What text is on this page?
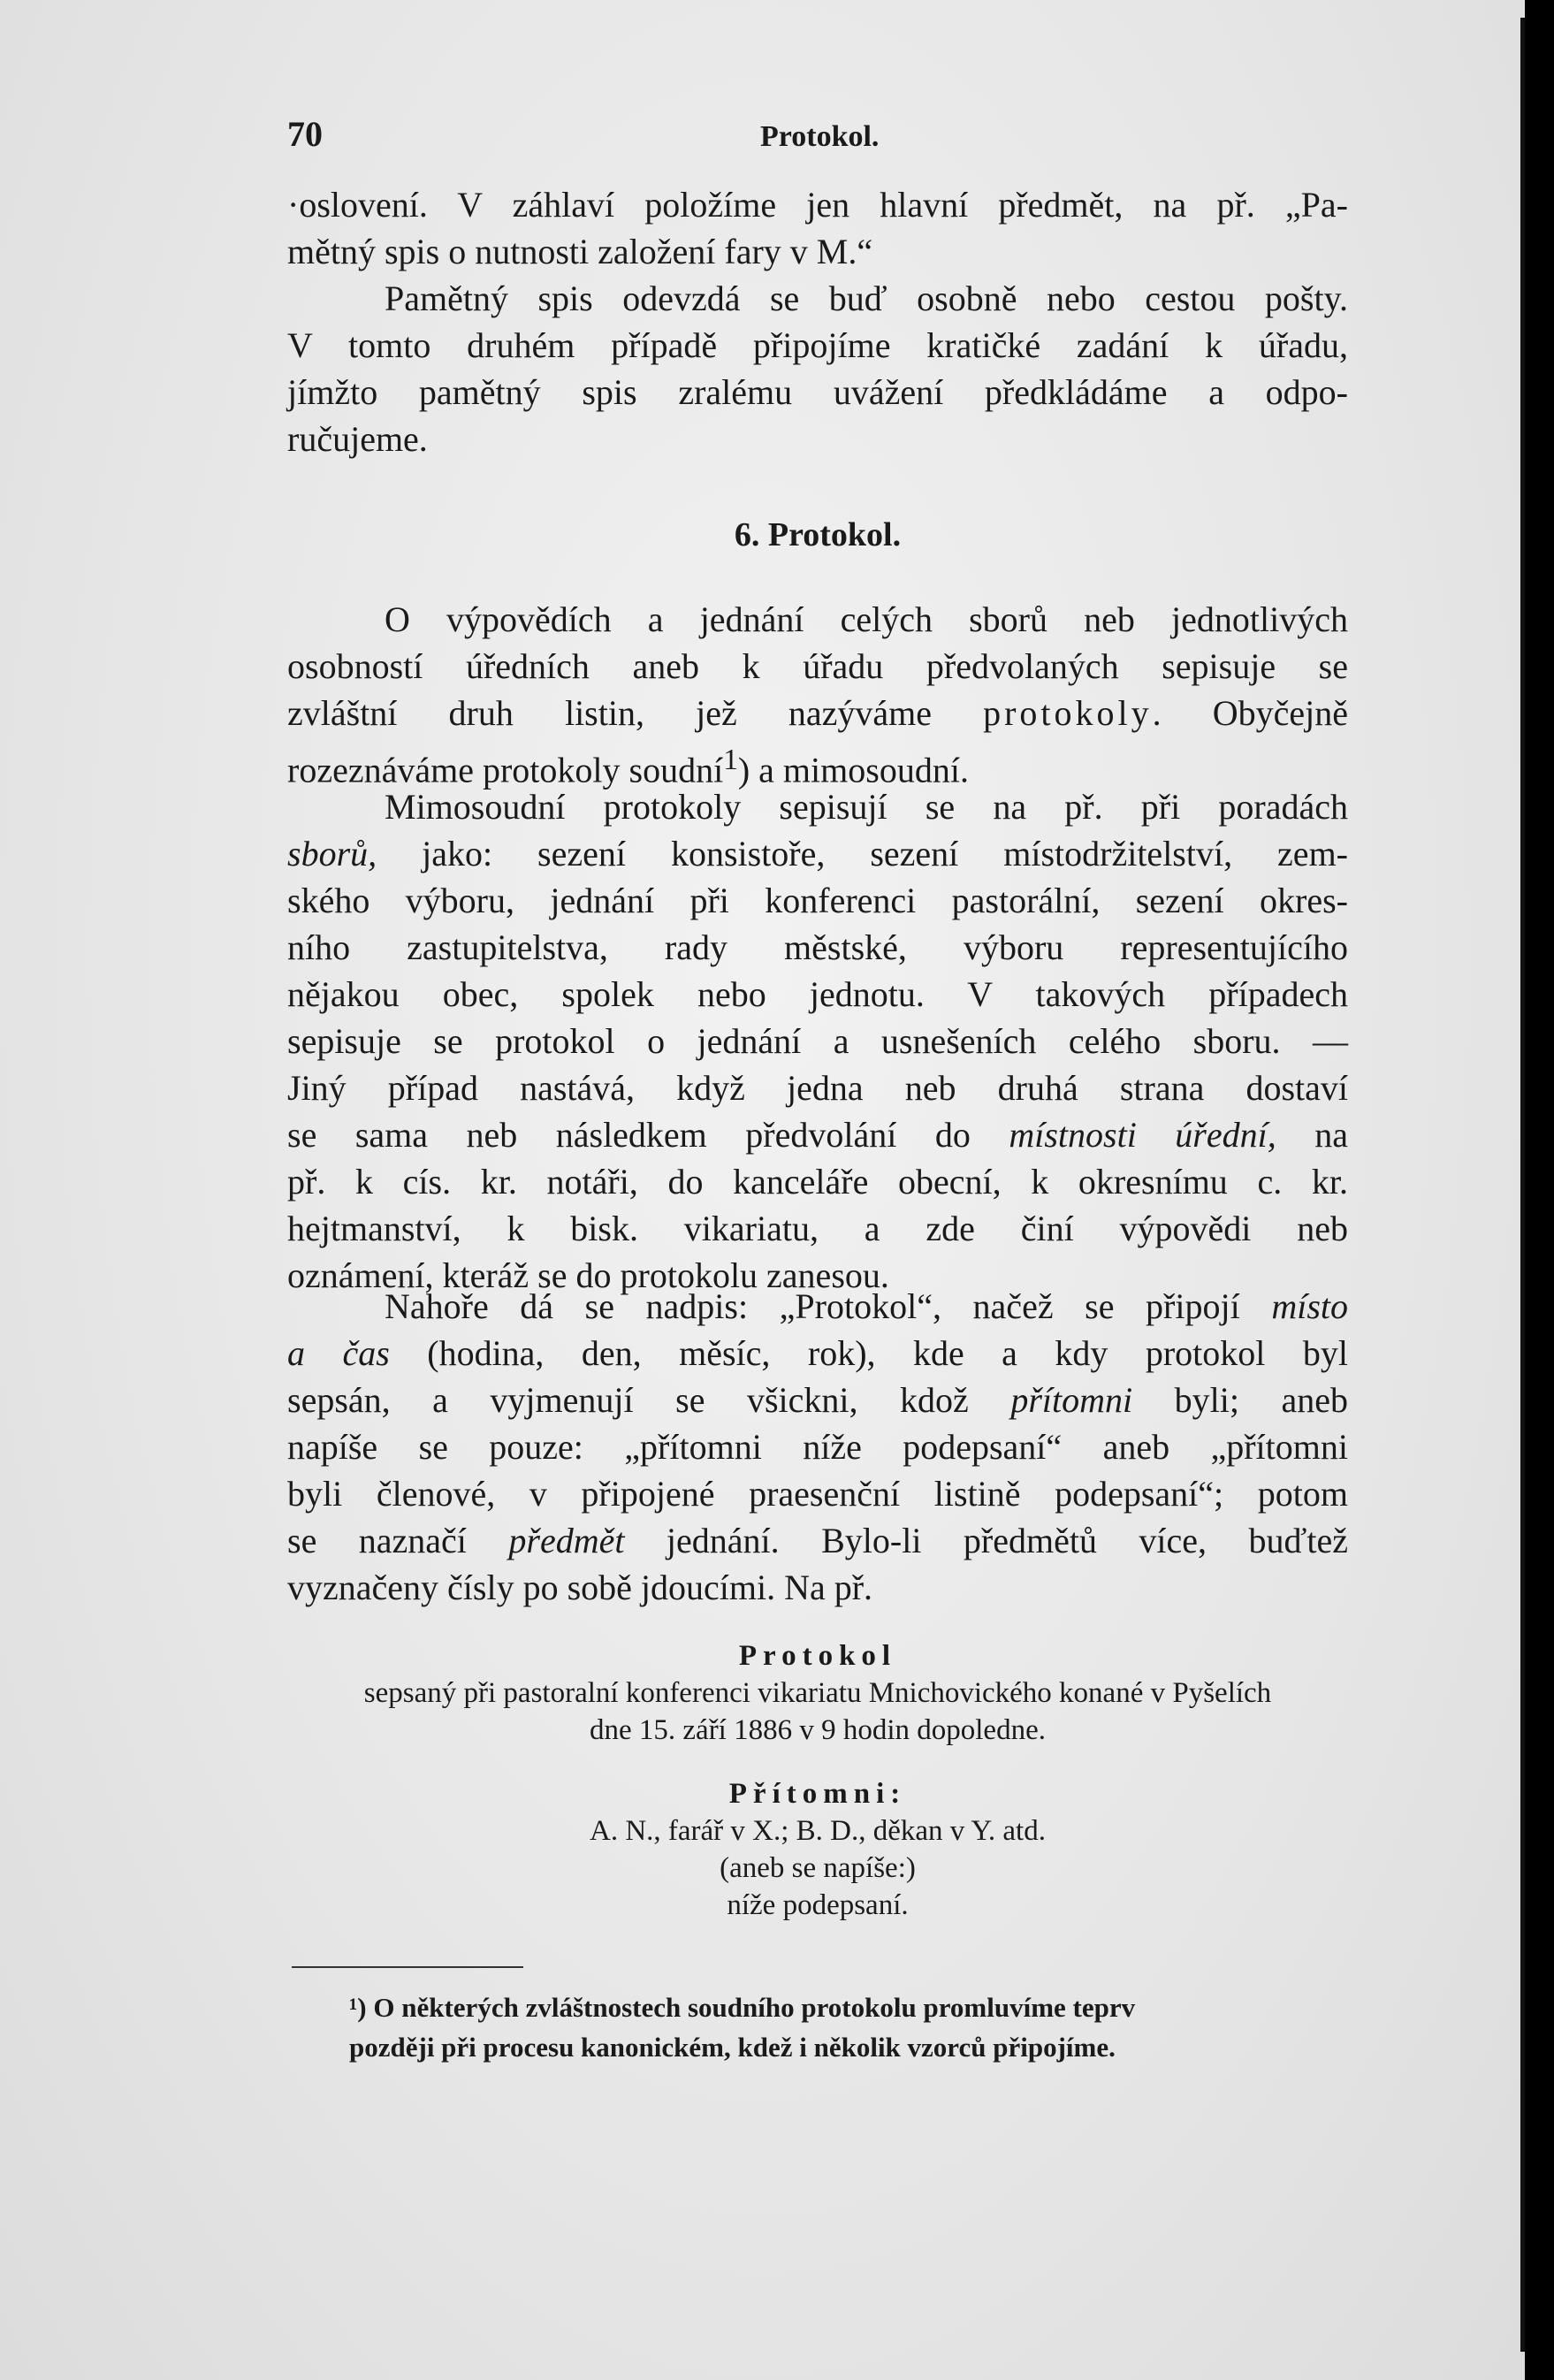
70	Protokol.
·oslovení. V záhlaví položíme jen hlavní předmět, na př. „Pa-
mětný spis o nutnosti založení fary v M.“
Pamětný spis odevzdá se buď osobně nebo cestou pošty.
V tomto druhém případě připojíme kratičké zadání k úřadu,
jímžto pamětný spis zralému uvážení předkládáme a odpo-
ručujeme.
6. Protokol.
O výpovědích a jednání celých sborů neb jednotlivých
osobností úředních aneb k úřadu předvolaných sepisuje se
zvláštní druh listin, jež nazýváme protokoly. Obyčejně
rozeznáváme protokoly soudní$^1$) a mimosoudní.
Mimosoudní protokoly sepisují se na př. při poradách
sborů, jako: sezení konsistoře, sezení místodržitelství, zem-
ského výboru, jednání při konferenci pastorální, sezení okres-
ního zastupitelstva, rady městské, výboru representujícího
nějakou obec, spolek nebo jednotu. V takových případech
sepisuje se protokol o jednání a usnešeních celého sboru. —
Jiný případ nastává, když jedna neb druhá strana dostaví
se sama neb následkem předvolání do místnosti úřední, na
př. k cís. kr. notáři, do kanceláře obecní, k okresnímu c. kr.
hejtmanství, k bisk. vikariatu, a zde činí výpovědi neb
oznámení, kteráž se do protokolu zanesou.
Nahoře dá se nadpis: „Protokol“, načež se připojí místo
a čas (hodina, den, měsíc, rok), kde a kdy protokol byl
sepsán, a vyjmenují se všickni, kdož přítomni byli; aneb
napíše se pouze: „přítomni níže podepsaní“ aneb „přítomni
byli členové, v připojené praesenční listině podepsaní“; potom
se naznačí předmět jednání. Bylo-li předmětů více, buďtež
vyznačeny čísly po sobě jdoucími. Na př.
Protokol
sepsaný při pastoralní konferenci vikariatu Mnichovického konané v Pyšelích
dne 15. září 1886 v 9 hodin dopoledne.
Přítomni:
A. N., farář v X.; B. D., děkan v Y. atd.
(aneb se napíše:)
níže podepsaní.
¹) O některých zvláštnostech soudního protokolu promluvíme teprv
později při procesu kanonickém, kdež i několik vzorců připojíme.
